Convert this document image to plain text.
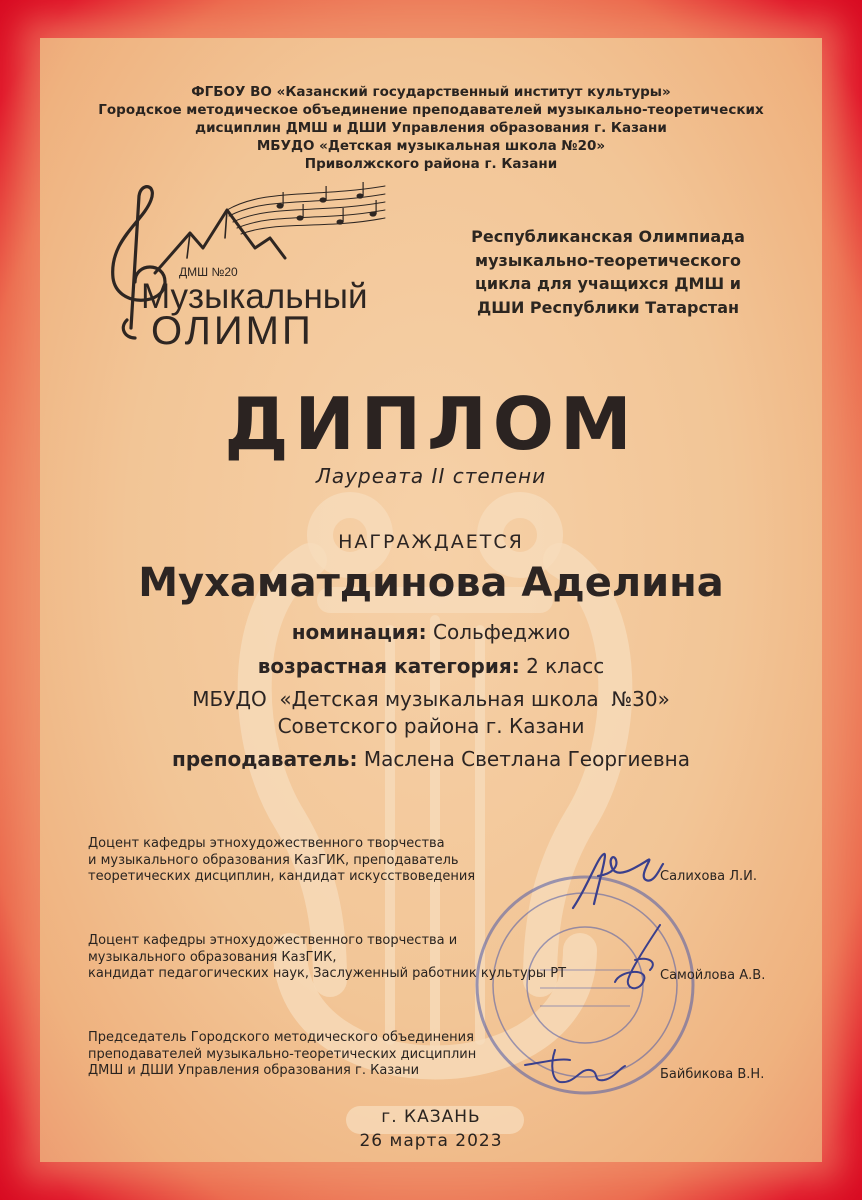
ФГБОУ ВО «Казанский государственный институт культуры»
Городское методическое объединение преподавателей музыкально-теоретических
дисциплин ДМШ и ДШИ Управления образования г. Казани
МБУДО «Детская музыкальная школа №20»
Приволжского района г. Казани
ДМШ №20
Музыкальный
ОЛИМП
Республиканская Олимпиада
музыкально-теоретического
цикла для учащихся ДМШ и
ДШИ Республики Татарстан
ДИПЛОМ
Лауреата II степени
НАГРАЖДАЕТСЯ
Мухаматдинова Аделина
номинация: Сольфеджио
возрастная категория: 2 класс
МБУДО  «Детская музыкальная школа  №30»
Советского района г. Казани
преподаватель: Маслена Светлана Георгиевна
Доцент кафедры этнохудожественного творчества
и музыкального образования КазГИК, преподаватель
теоретических дисциплин, кандидат искусствоведения	Салихова Л.И.
Доцент кафедры этнохудожественного творчества и
музыкального образования КазГИК,
кандидат педагогических наук, Заслуженный работник культуры РТ	Самойлова А.В.
Председатель Городского методического объединения
преподавателей музыкально-теоретических дисциплин
ДМШ и ДШИ Управления образования г. Казани	Байбикова В.Н.
г. КАЗАНЬ
26 марта 2023
